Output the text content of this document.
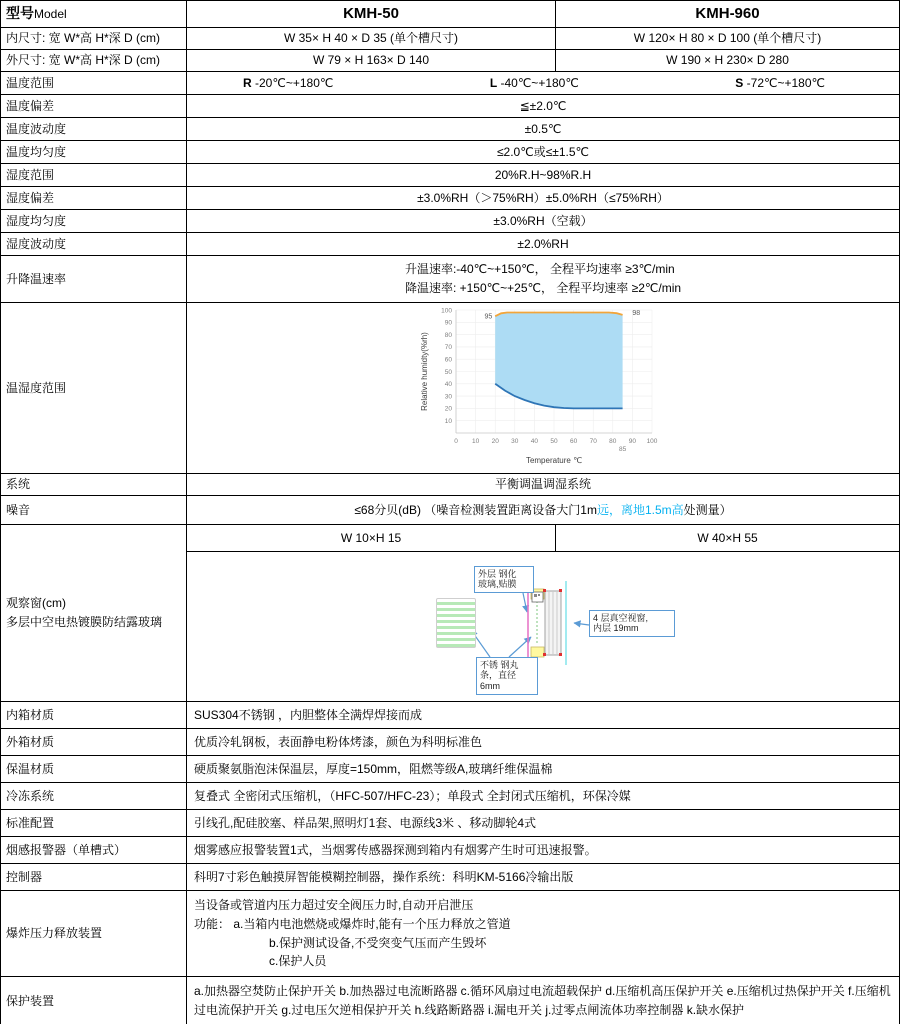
型号Model	KMH-50	KMH-960
内尺寸: 宽 W*高 H*深 D (cm)	W 35× H 40 × D 35 (单个槽尺寸)	W 120× H 80 × D 100 (单个槽尺寸)
外尺寸: 宽 W*高 H*深 D (cm)	W 79 × H 163× D 140	W 190 × H 230× D 280
温度范围	R -20℃~+180℃ L -40℃~+180℃ S -72℃~+180℃	

温度偏差	≦±2.0℃	
温度波动度	±0.5℃	
温度均匀度	≤2.0℃或≤±1.5℃	
湿度范围	20%R.H~98%R.H	
湿度偏差	±3.0%RH（＞75%RH）±5.0%RH（≤75%RH）	
湿度均匀度	±3.0%RH（空载）	
湿度波动度	±2.0%RH	
升降温速率	升温速率:-40℃~+150℃， 全程平均速率 ≥3℃/min
降温速率: +150℃~+25℃， 全程平均速率 ≥2℃/min	

温湿度范围	
0 10 20 30 40 50 60 70 80 90 100
10
20
30
40
50
60
70
80
90
100
85
95
98
Temperature ℃
Relative humidty(%rh)

系统	平衡调温调湿系统	
噪音	≤68分贝(dB) （噪音检测装置距离设备大门1m远，离地1.5m高处测量）	

观察窗(cm)
多层中空电热镀膜防结露玻璃	W 10×H 15	W 40×H 55

外层 钢化
玻璃,贴膜
4 层真空视窗,
内层 19mm
不锈 钢丸
条，直径
6mm

内箱材质	SUS304不锈钢 ，内胆整体全满焊焊接而成	
外箱材质	优质冷轧钢板，表面静电粉体烤漆，颜色为科明标准色	
保温材质	硬质聚氨脂泡沫保温层，厚度=150mm，阻燃等级A,玻璃纤维保温棉	
冷冻系统	复叠式 全密闭式压缩机，（HFC-507/HFC-23）；单段式 全封闭式压缩机，环保冷媒	
标准配置	引线孔,配硅胶塞、样品架,照明灯1套、电源线3米 、移动脚轮4式	
烟感报警器（单槽式）	烟雾感应报警装置1式，当烟雾传感器探测到箱内有烟雾产生时可迅速报警。	
控制器	科明7寸彩色触摸屏智能模糊控制器，操作系统：科明KM-5166冷输出版	
爆炸压力释放装置	当设备或管道内压力超过安全阀压力时,自动开启泄压
功能： a.当箱内电池燃烧或爆炸时,能有一个压力释放之管道
b.保护测试设备,不受突变气压而产生毁坏
c.保护人员	

保护装置	a.加热器空焚防止保护开关 b.加热器过电流断路器 c.循环风扇过电流超载保护 d.压缩机高压保护开关 e.压缩机过热保护开关 f.压缩机过电流保护开关 g.过电压欠逆相保护开关 h.线路断路器 i.漏电开关 j.过零点闸流体功率控制器 k.缺水保护	
